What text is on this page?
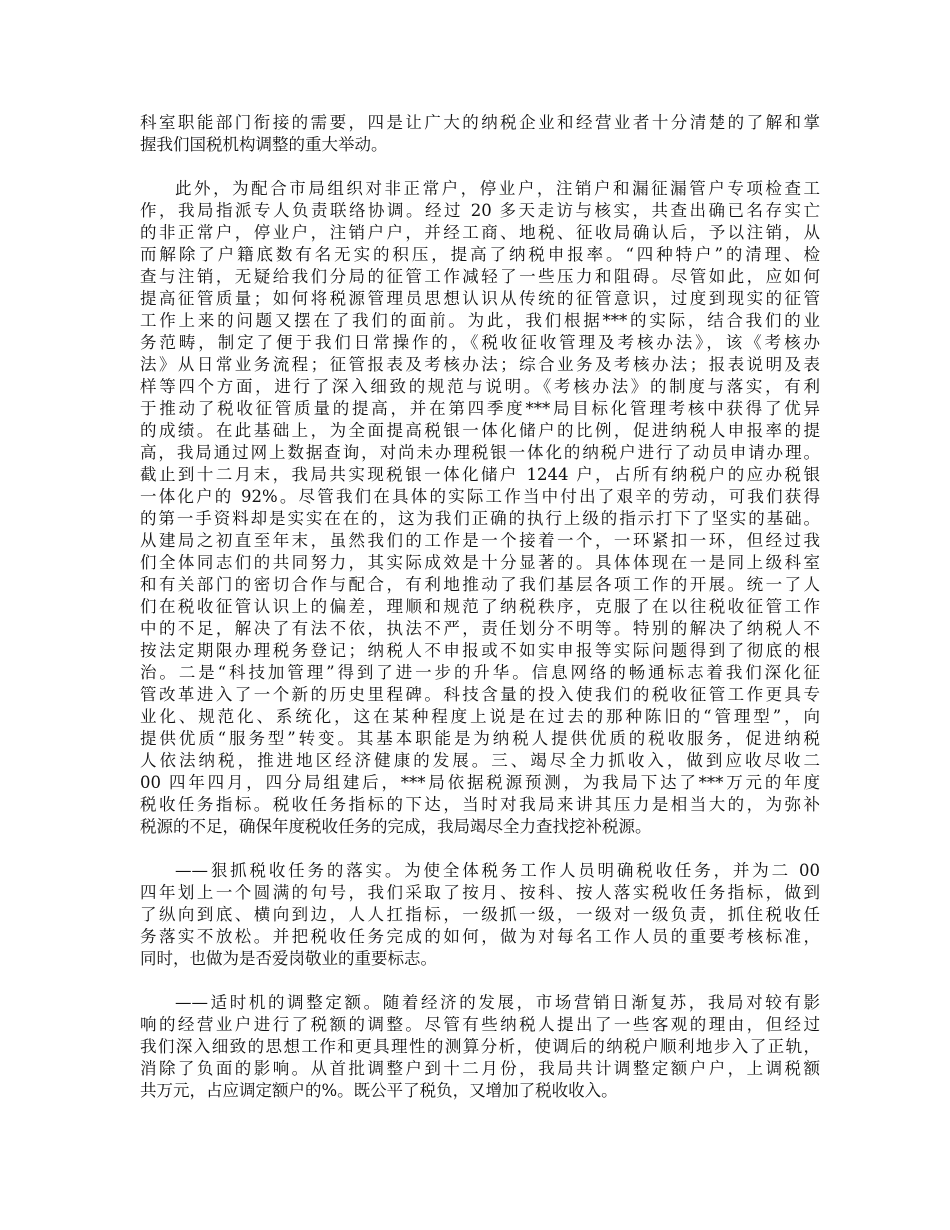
科室职能部门衔接的需要，四是让广大的纳税企业和经营业者十分清楚的了解和掌
握我们国税机构调整的重大举动。
此外，为配合市局组织对非正常户，停业户，注销户和漏征漏管户专项检查工
作，我局指派专人负责联络协调。经过 20 多天走访与核实，共查出确已名存实亡
的非正常户，停业户，注销户户，并经工商、地税、征收局确认后，予以注销，从
而解除了户籍底数有名无实的积压，提高了纳税申报率。“四种特户”的清理、检
查与注销，无疑给我们分局的征管工作减轻了一些压力和阻碍。尽管如此，应如何
提高征管质量；如何将税源管理员思想认识从传统的征管意识，过度到现实的征管
工作上来的问题又摆在了我们的面前。为此，我们根据***的实际，结合我们的业
务范畴，制定了便于我们日常操作的，《税收征收管理及考核办法》，该《考核办
法》从日常业务流程；征管报表及考核办法；综合业务及考核办法；报表说明及表
样等四个方面，进行了深入细致的规范与说明。《考核办法》的制度与落实，有利
于推动了税收征管质量的提高，并在第四季度***局目标化管理考核中获得了优异
的成绩。在此基础上，为全面提高税银一体化储户的比例，促进纳税人申报率的提
高，我局通过网上数据查询，对尚未办理税银一体化的纳税户进行了动员申请办理。
截止到十二月末，我局共实现税银一体化储户 1244 户，占所有纳税户的应办税银
一体化户的 92%。尽管我们在具体的实际工作当中付出了艰辛的劳动，可我们获得
的第一手资料却是实实在在的，这为我们正确的执行上级的指示打下了坚实的基础。
从建局之初直至年末，虽然我们的工作是一个接着一个，一环紧扣一环，但经过我
们全体同志们的共同努力，其实际成效是十分显著的。具体体现在一是同上级科室
和有关部门的密切合作与配合，有利地推动了我们基层各项工作的开展。统一了人
们在税收征管认识上的偏差，理顺和规范了纳税秩序，克服了在以往税收征管工作
中的不足，解决了有法不依，执法不严，责任划分不明等。特别的解决了纳税人不
按法定期限办理税务登记；纳税人不申报或不如实申报等实际问题得到了彻底的根
治。二是“科技加管理”得到了进一步的升华。信息网络的畅通标志着我们深化征
管改革进入了一个新的历史里程碑。科技含量的投入使我们的税收征管工作更具专
业化、规范化、系统化，这在某种程度上说是在过去的那种陈旧的“管理型”，向
提供优质“服务型”转变。其基本职能是为纳税人提供优质的税收服务，促进纳税
人依法纳税，推进地区经济健康的发展。三、竭尽全力抓收入，做到应收尽收二
00 四年四月，四分局组建后，***局依据税源预测，为我局下达了***万元的年度
税收任务指标。税收任务指标的下达，当时对我局来讲其压力是相当大的，为弥补
税源的不足，确保年度税收任务的完成，我局竭尽全力查找挖补税源。
——狠抓税收任务的落实。为使全体税务工作人员明确税收任务，并为二 00
四年划上一个圆满的句号，我们采取了按月、按科、按人落实税收任务指标，做到
了纵向到底、横向到边，人人扛指标，一级抓一级，一级对一级负责，抓住税收任
务落实不放松。并把税收任务完成的如何，做为对每名工作人员的重要考核标准，
同时，也做为是否爱岗敬业的重要标志。
——适时机的调整定额。随着经济的发展，市场营销日渐复苏，我局对较有影
响的经营业户进行了税额的调整。尽管有些纳税人提出了一些客观的理由，但经过
我们深入细致的思想工作和更具理性的测算分析，使调后的纳税户顺利地步入了正轨，
消除了负面的影响。从首批调整户到十二月份，我局共计调整定额户户，上调税额
共万元，占应调定额户的%。既公平了税负，又增加了税收收入。
